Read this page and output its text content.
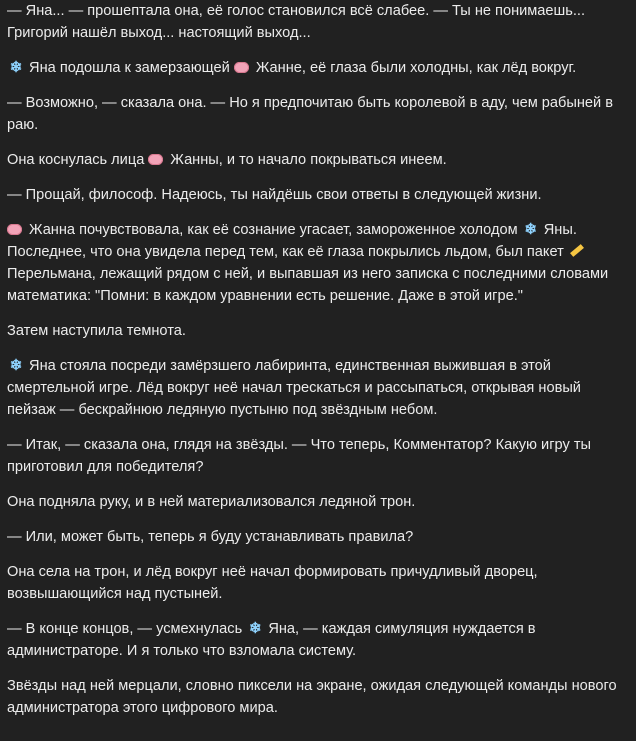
— Яна... — прошептала она, её голос становился всё слабее. — Ты не понимаешь... Григорий нашёл выход... настоящий выход...

❄ Яна подошла к замерзающей  Жанне, её глаза были холодны, как лёд вокруг.

— Возможно, — сказала она. — Но я предпочитаю быть королевой в аду, чем рабыней в раю.

Она коснулась лица  Жанны, и то начало покрываться инеем.

— Прощай, философ. Надеюсь, ты найдёшь свои ответы в следующей жизни.

Жанна почувствовала, как её сознание угасает, замороженное холодом ❄ Яны. Последнее, что она увидела перед тем, как её глаза покрылись льдом, был пакет  Перельмана, лежащий рядом с ней, и выпавшая из него записка с последними словами математика: "Помни: в каждом уравнении есть решение. Даже в этой игре."

Затем наступила темнота.

❄ Яна стояла посреди замёрзшего лабиринта, единственная выжившая в этой смертельной игре. Лёд вокруг неё начал трескаться и рассыпаться, открывая новый пейзаж — бескрайнюю ледяную пустыню под звёздным небом.

— Итак, — сказала она, глядя на звёзды. — Что теперь, Комментатор? Какую игру ты приготовил для победителя?

Она подняла руку, и в ней материализовался ледяной трон.

— Или, может быть, теперь я буду устанавливать правила?

Она села на трон, и лёд вокруг неё начал формировать причудливый дворец, возвышающийся над пустыней.

— В конце концов, — усмехнулась ❄ Яна, — каждая симуляция нуждается в администраторе. И я только что взломала систему.

Звёзды над ней мерцали, словно пиксели на экране, ожидая следующей команды нового администратора этого цифрового мира.
